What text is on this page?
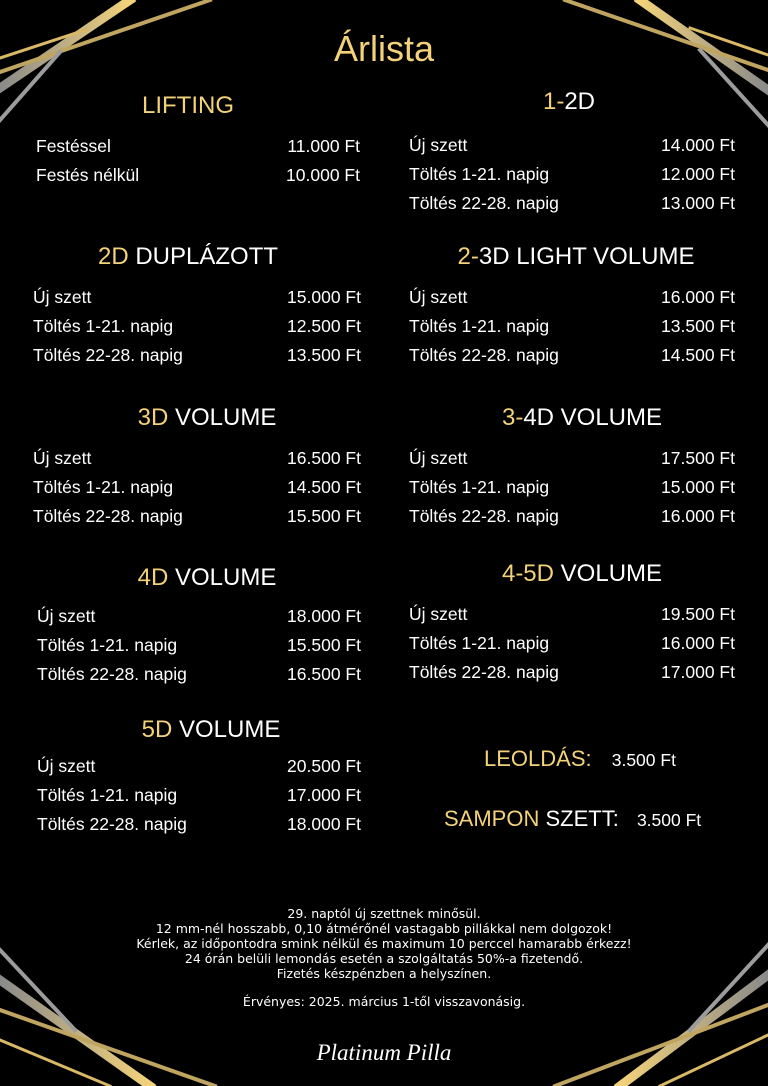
Árlista
LIFTING
Festéssel	11.000 Ft
Festés nélkül	10.000 Ft
1-2D
Új szett	14.000 Ft
Töltés 1-21. napig	12.000 Ft
Töltés 22-28. napig	13.000 Ft
2D DUPLÁZOTT
Új szett	15.000 Ft
Töltés 1-21. napig	12.500 Ft
Töltés 22-28. napig	13.500 Ft
2-3D LIGHT VOLUME
Új szett	16.000 Ft
Töltés 1-21. napig	13.500 Ft
Töltés 22-28. napig	14.500 Ft
3D VOLUME
Új szett	16.500 Ft
Töltés 1-21. napig	14.500 Ft
Töltés 22-28. napig	15.500 Ft
3-4D VOLUME
Új szett	17.500 Ft
Töltés 1-21. napig	15.000 Ft
Töltés 22-28. napig	16.000 Ft
4D VOLUME
Új szett	18.000 Ft
Töltés 1-21. napig	15.500 Ft
Töltés 22-28. napig	16.500 Ft
4-5D VOLUME
Új szett	19.500 Ft
Töltés 1-21. napig	16.000 Ft
Töltés 22-28. napig	17.000 Ft
5D VOLUME
Új szett	20.500 Ft
Töltés 1-21. napig	17.000 Ft
Töltés 22-28. napig	18.000 Ft
LEOLDÁS: 3.500 Ft
SAMPON SZETT: 3.500 Ft
29. naptól új szettnek minősül.
12 mm-nél hosszabb, 0,10 átmérőnél vastagabb pillákkal nem dolgozok!
Kérlek, az időpontodra smink nélkül és maximum 10 perccel hamarabb érkezz!
24 órán belüli lemondás esetén a szolgáltatás 50%-a fizetendő.
Fizetés készpénzben a helyszínen.
Érvényes: 2025. március 1-től visszavonásig.
Platinum Pilla
